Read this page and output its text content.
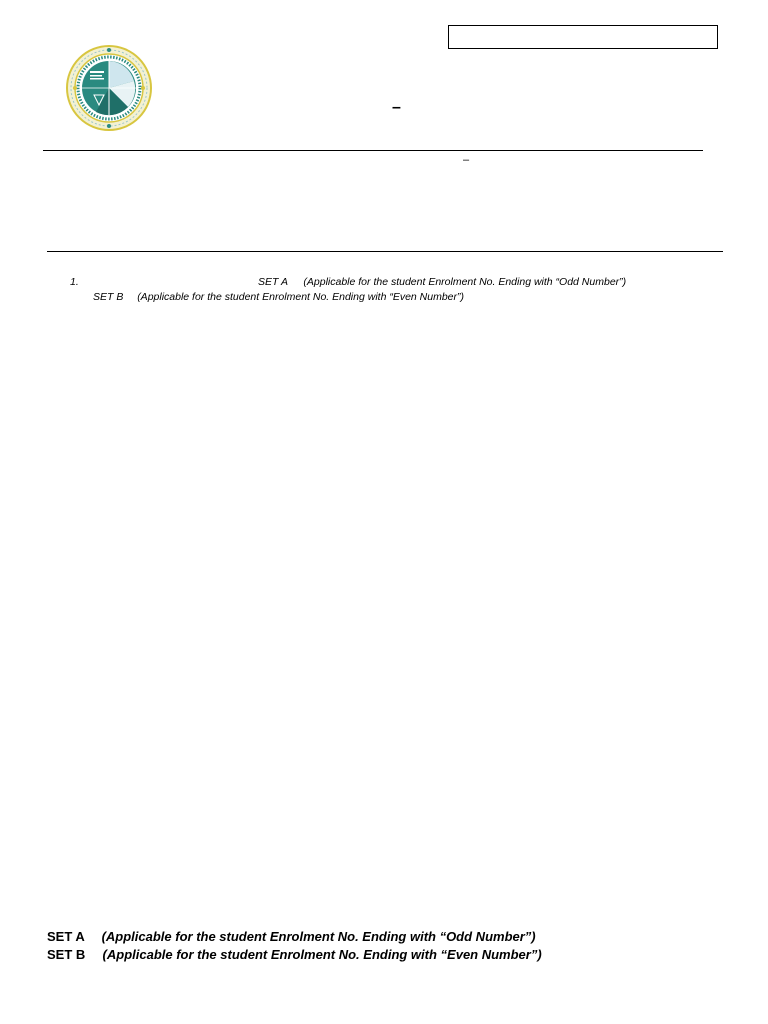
–
–
1.	SET A (Applicable for the student Enrolment No. Ending with “Odd Number”)
SET B (Applicable for the student Enrolment No. Ending with “Even Number”)
SET A (Applicable for the student Enrolment No. Ending with “Odd Number”)
SET B (Applicable for the student Enrolment No. Ending with “Even Number”)
